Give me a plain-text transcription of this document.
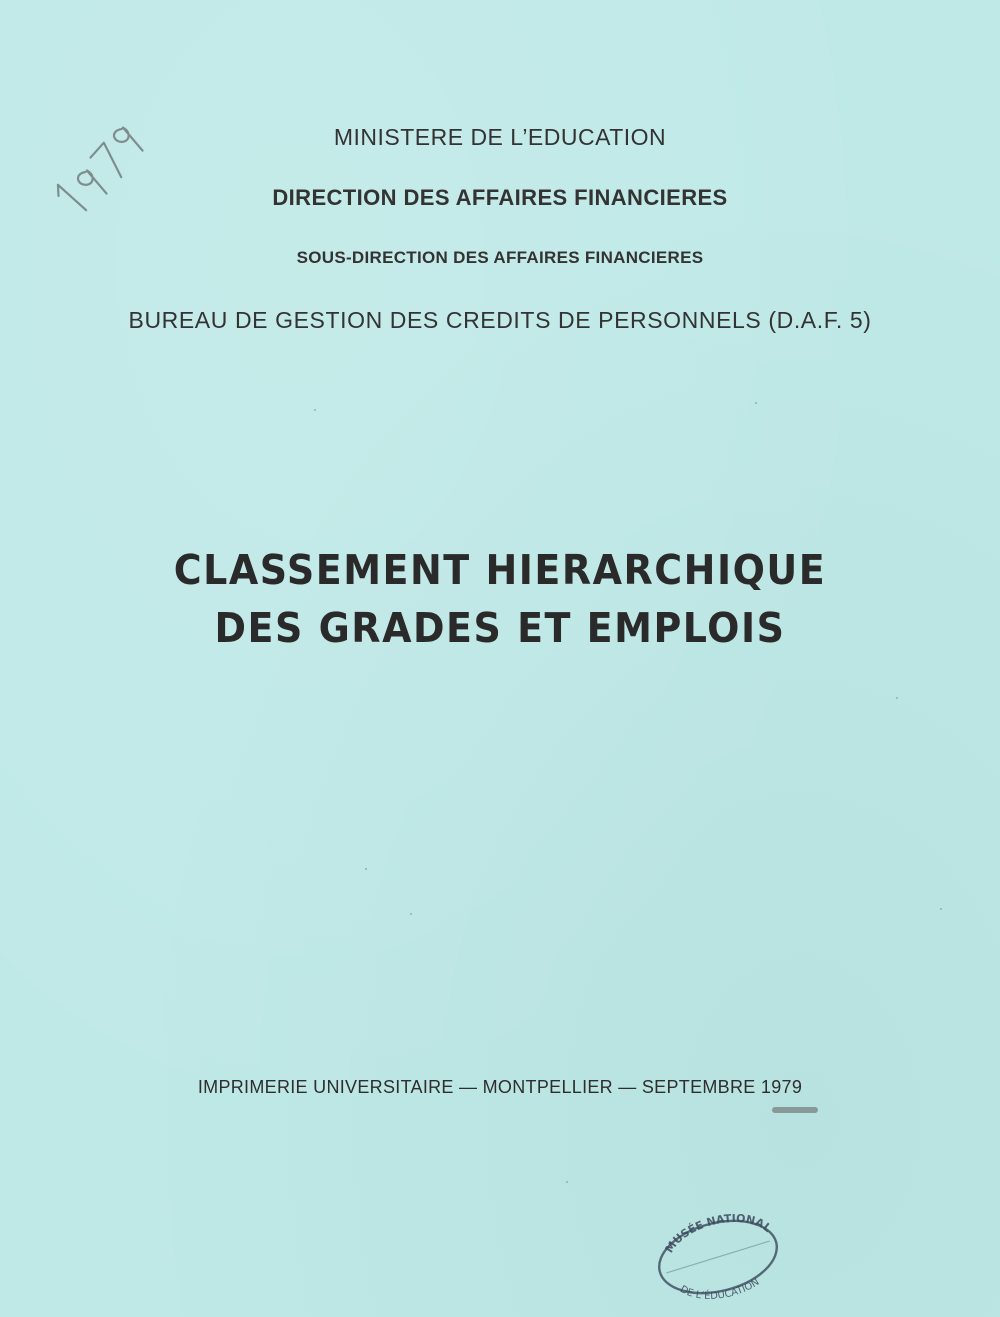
MINISTERE DE L’EDUCATION
DIRECTION DES AFFAIRES FINANCIERES
SOUS-DIRECTION DES AFFAIRES FINANCIERES
BUREAU DE GESTION DES CREDITS DE PERSONNELS (D.A.F. 5)
CLASSEMENT HIERARCHIQUE
DES GRADES ET EMPLOIS
IMPRIMERIE UNIVERSITAIRE — MONTPELLIER — SEPTEMBRE 1979
MUSÉE NATIONAL
DE L’ÉDUCATION
